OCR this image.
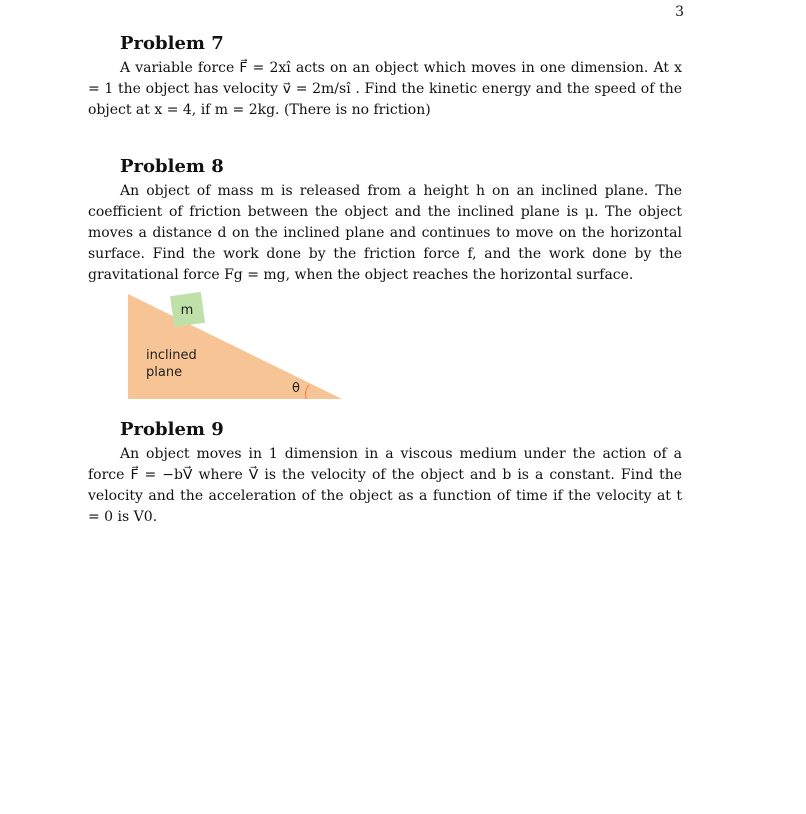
3
Problem 7

A variable force F⃗ = 2xî acts on an object which moves in one dimension. At x = 1 the object has velocity v⃗ = 2m/sî . Find the kinetic energy and the speed of the object at x = 4, if m = 2kg. (There is no friction)

Problem 8

An object of mass m is released from a height h on an inclined plane. The coefficient of friction between the object and the inclined plane is μ. The object moves a distance d on the inclined plane and continues to move on the horizontal surface. Find the work done by the friction force f, and the work done by the gravitational force Fg = mg, when the object reaches the horizontal surface.

m
inclined
plane
θ
Problem 9

An object moves in 1 dimension in a viscous medium under the action of a force F⃗ = −bV⃗ where V⃗ is the velocity of the object and b is a constant. Find the velocity and the acceleration of the object as a function of time if the velocity at t = 0 is V0.
